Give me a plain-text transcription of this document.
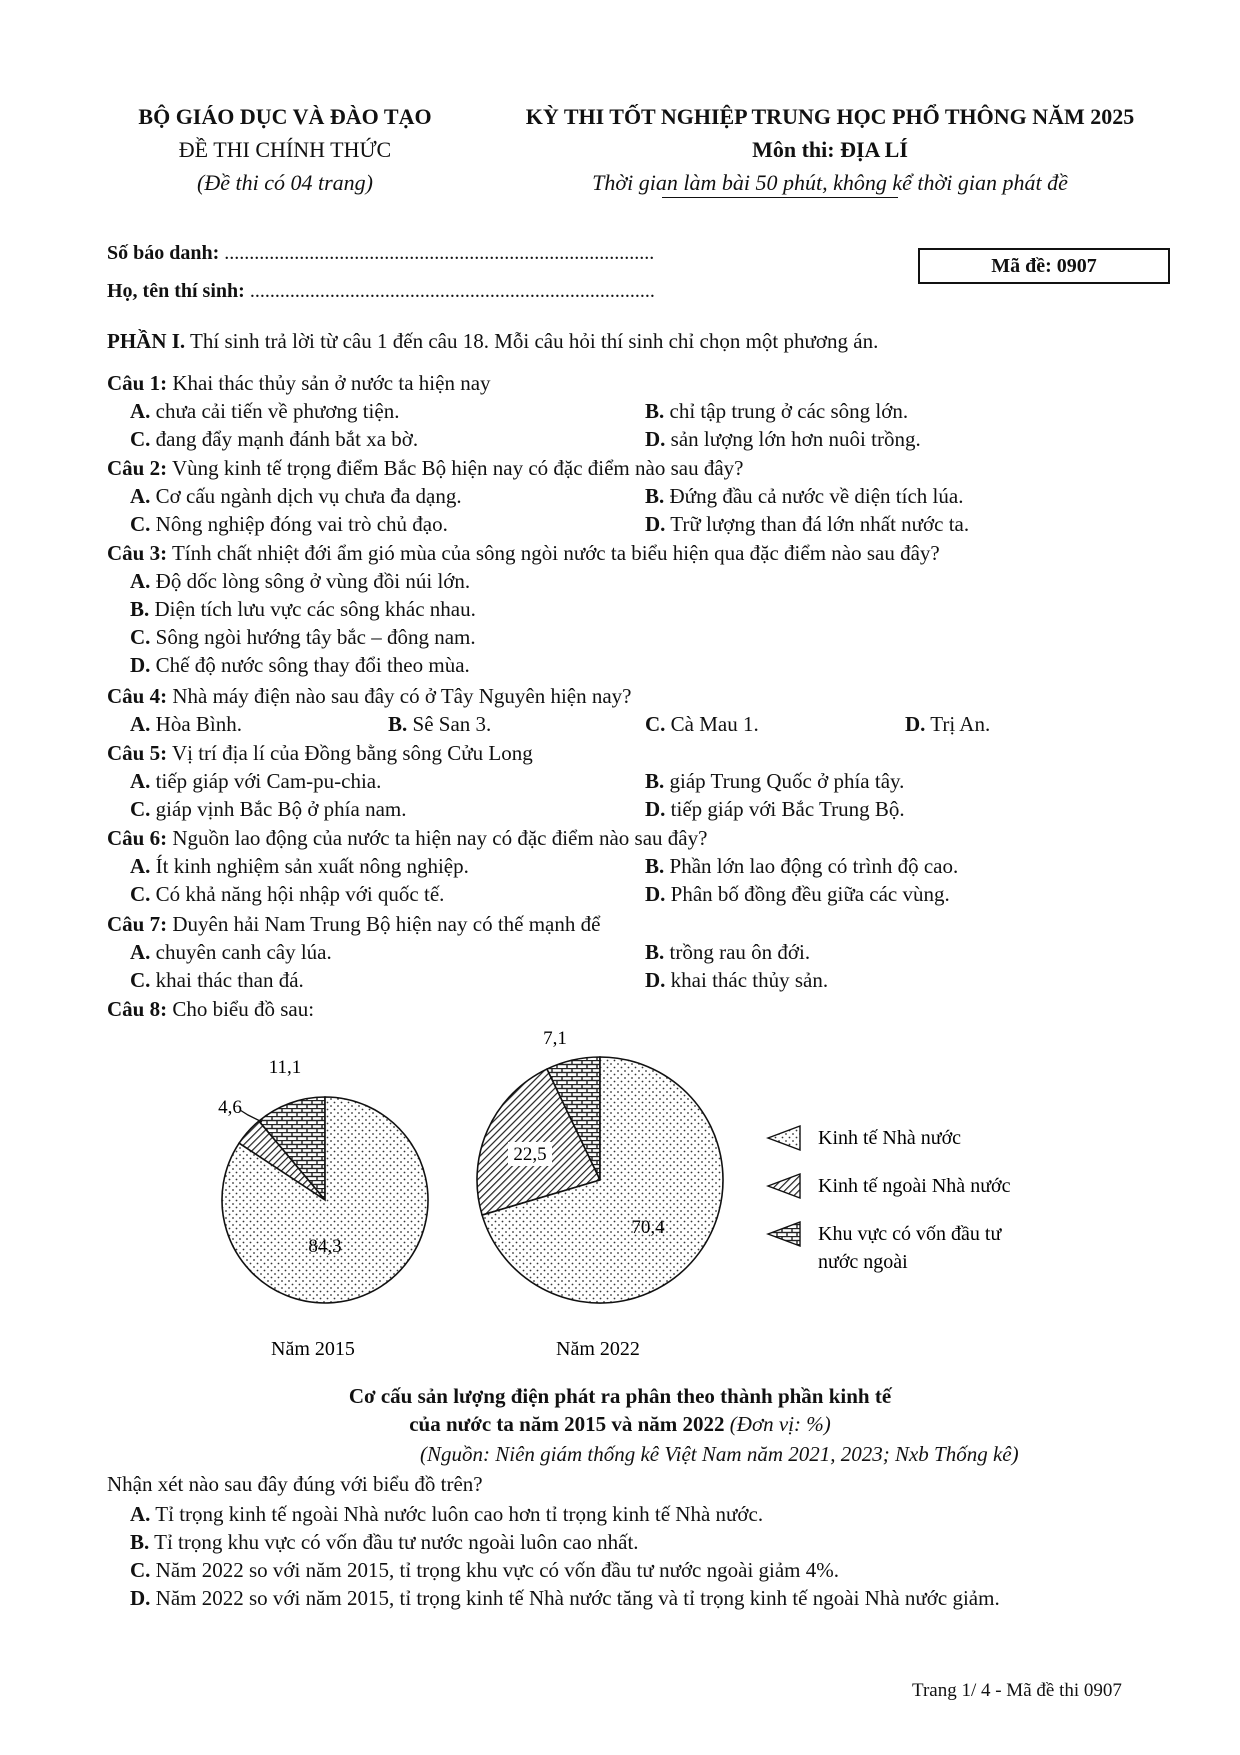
BỘ GIÁO DỤC VÀ ĐÀO TẠO
ĐỀ THI CHÍNH THỨC
(Đề thi có 04 trang)
KỲ THI TỐT NGHIỆP TRUNG HỌC PHỔ THÔNG NĂM 2025
Môn thi: ĐỊA LÍ
Thời gian làm bài 50 phút, không kể thời gian phát đề
Số báo danh: ......................................................................................
Họ, tên thí sinh: .................................................................................
Mã đề: 0907
PHẦN I. Thí sinh trả lời từ câu 1 đến câu 18. Mỗi câu hỏi thí sinh chỉ chọn một phương án.
Câu 1: Khai thác thủy sản ở nước ta hiện nay
A. chưa cải tiến về phương tiện.	B. chỉ tập trung ở các sông lớn.
C. đang đẩy mạnh đánh bắt xa bờ.	D. sản lượng lớn hơn nuôi trồng.
Câu 2: Vùng kinh tế trọng điểm Bắc Bộ hiện nay có đặc điểm nào sau đây?
A. Cơ cấu ngành dịch vụ chưa đa dạng.	B. Đứng đầu cả nước về diện tích lúa.
C. Nông nghiệp đóng vai trò chủ đạo.	D. Trữ lượng than đá lớn nhất nước ta.
Câu 3: Tính chất nhiệt đới ẩm gió mùa của sông ngòi nước ta biểu hiện qua đặc điểm nào sau đây?
A. Độ dốc lòng sông ở vùng đồi núi lớn.
B. Diện tích lưu vực các sông khác nhau.
C. Sông ngòi hướng tây bắc – đông nam.
D. Chế độ nước sông thay đổi theo mùa.
Câu 4: Nhà máy điện nào sau đây có ở Tây Nguyên hiện nay?
A. Hòa Bình.	B. Sê San 3.	C. Cà Mau 1.	D. Trị An.
Câu 5: Vị trí địa lí của Đồng bằng sông Cửu Long
A. tiếp giáp với Cam-pu-chia.	B. giáp Trung Quốc ở phía tây.
C. giáp vịnh Bắc Bộ ở phía nam.	D. tiếp giáp với Bắc Trung Bộ.
Câu 6: Nguồn lao động của nước ta hiện nay có đặc điểm nào sau đây?
A. Ít kinh nghiệm sản xuất nông nghiệp.	B. Phần lớn lao động có trình độ cao.
C. Có khả năng hội nhập với quốc tế.	D. Phân bố đồng đều giữa các vùng.
Câu 7: Duyên hải Nam Trung Bộ hiện nay có thế mạnh để
A. chuyên canh cây lúa.	B. trồng rau ôn đới.
C. khai thác than đá.	D. khai thác thủy sản.
Câu 8: Cho biểu đồ sau:
A. Tỉ trọng kinh tế ngoài Nhà nước luôn cao hơn tỉ trọng kinh tế Nhà nước.
B. Tỉ trọng khu vực có vốn đầu tư nước ngoài luôn cao nhất.
C. Năm 2022 so với năm 2015, tỉ trọng khu vực có vốn đầu tư nước ngoài giảm 4%.
D. Năm 2022 so với năm 2015, tỉ trọng kinh tế Nhà nước tăng và tỉ trọng kinh tế ngoài Nhà nước giảm.
84,3
4,6
11,1
Năm 2015
70,4
22,5
7,1
Năm 2022
Kinh tế Nhà nước
Kinh tế ngoài Nhà nước
Khu vực có vốn đầu tư
nước ngoài
Cơ cấu sản lượng điện phát ra phân theo thành phần kinh tế
của nước ta năm 2015 và năm 2022 (Đơn vị: %)
(Nguồn: Niên giám thống kê Việt Nam năm 2021, 2023; Nxb Thống kê)
Nhận xét nào sau đây đúng với biểu đồ trên?
Trang 1/ 4 - Mã đề thi 0907
